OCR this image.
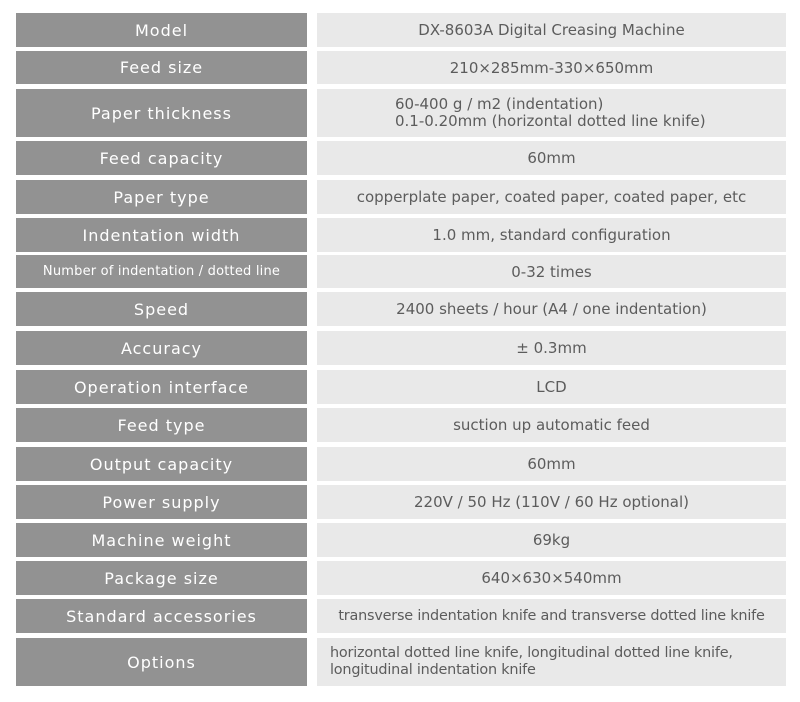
Model	DX-8603A Digital Creasing Machine
Feed size	210×285mm-330×650mm
Paper thickness	60-400 g / m2 (indentation)
0.1-0.20mm (horizontal dotted line knife)
Feed capacity	60mm
Paper type	copperplate paper, coated paper, coated paper, etc
Indentation width	1.0 mm, standard configuration
Number of indentation / dotted line	0-32 times
Speed	2400 sheets / hour (A4 / one indentation)
Accuracy	± 0.3mm
Operation interface	LCD
Feed type	suction up automatic feed
Output capacity	60mm
Power supply	220V / 50 Hz (110V / 60 Hz optional)
Machine weight	69kg
Package size	640×630×540mm
Standard accessories	transverse indentation knife and transverse dotted line knife
Options	horizontal dotted line knife, longitudinal dotted line knife,
longitudinal indentation knife
